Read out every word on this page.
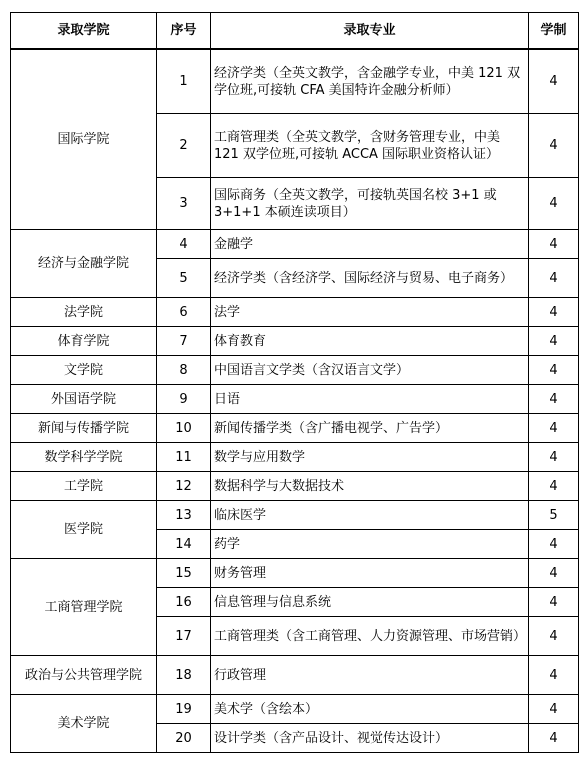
录取学院	序号	录取专业	学制
国际学院	1	经济学类（全英文教学，含金融学专业，中美 121 双学位班,可接轨 CFA 美国特许金融分析师）	4
	2	工商管理类（全英文教学，含财务管理专业，中美 121 双学位班,可接轨 ACCA 国际职业资格认证）	4
	3	国际商务（全英文教学，可接轨英国名校 3+1 或 3+1+1 本硕连读项目）	4
经济与金融学院	4	金融学	4
	5	经济学类（含经济学、国际经济与贸易、电子商务）	4
法学院	6	法学	4
体育学院	7	体育教育	4
文学院	8	中国语言文学类（含汉语言文学）	4
外国语学院	9	日语	4
新闻与传播学院	10	新闻传播学类（含广播电视学、广告学）	4
数学科学学院	11	数学与应用数学	4
工学院	12	数据科学与大数据技术	4
医学院	13	临床医学	5
	14	药学	4
工商管理学院	15	财务管理	4
	16	信息管理与信息系统	4
	17	工商管理类（含工商管理、人力资源管理、市场营销）	4
政治与公共管理学院	18	行政管理	4
美术学院	19	美术学（含绘本）	4
	20	设计学类（含产品设计、视觉传达设计）	4
